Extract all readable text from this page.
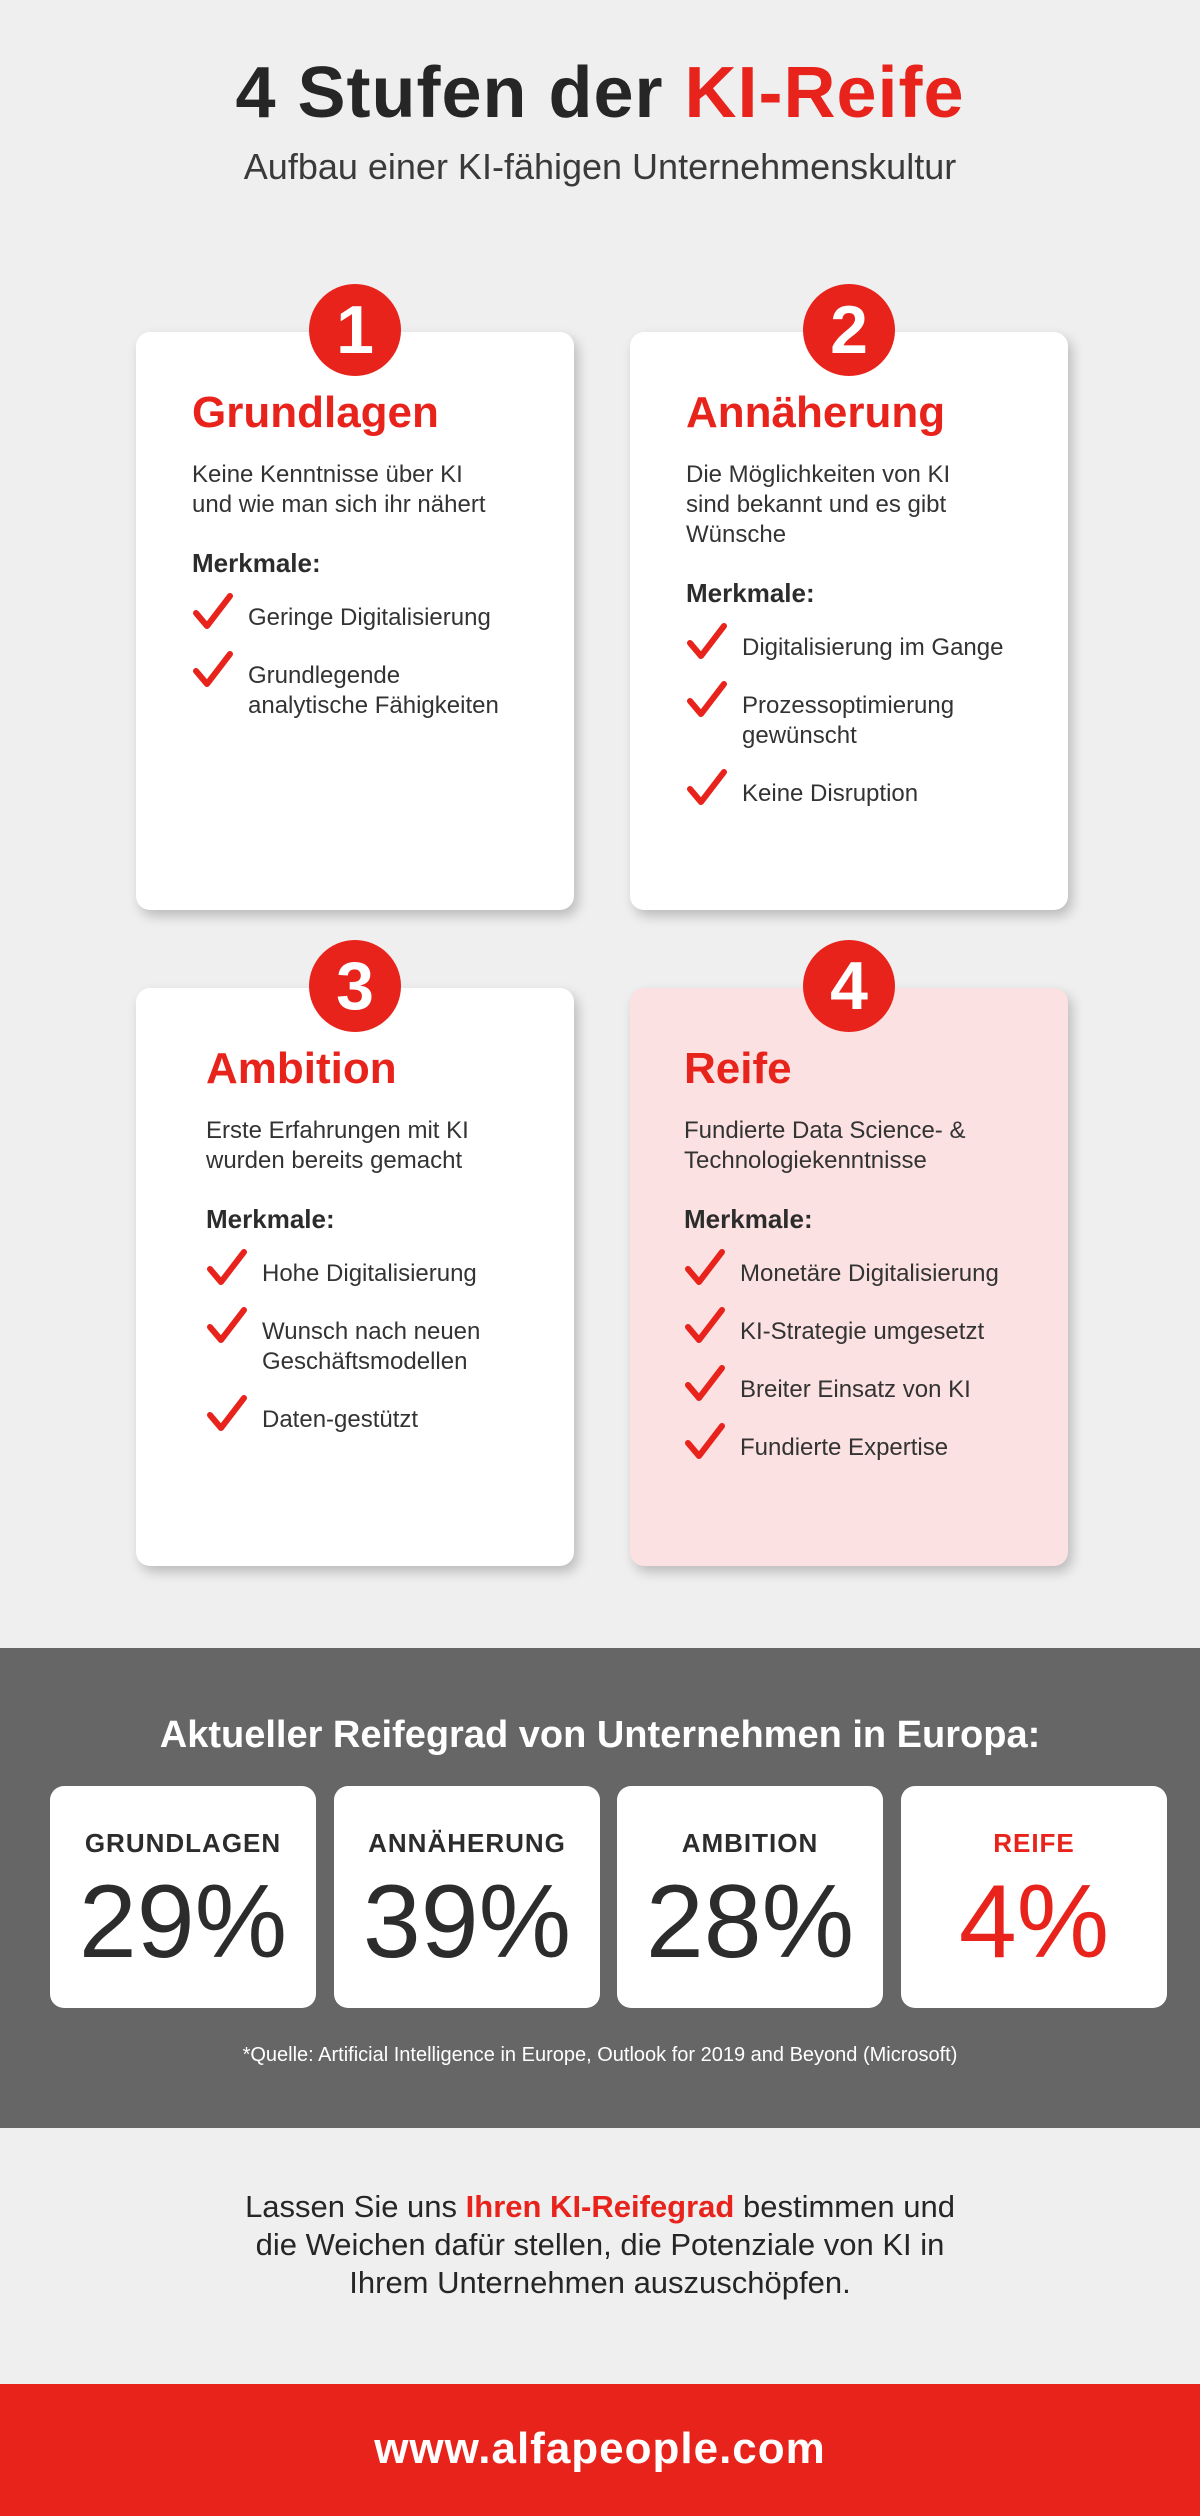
4 Stufen der KI-Reife
Aufbau einer KI-fähigen Unternehmenskultur
1
Grundlagen
Keine Kenntnisse über KI
und wie man sich ihr nähert
Merkmale:
Geringe Digitalisierung
Grundlegende
analytische Fähigkeiten
2
Annäherung
Die Möglichkeiten von KI
sind bekannt und es gibt
Wünsche
Merkmale:
Digitalisierung im Gange
Prozessoptimierung
gewünscht
Keine Disruption
3
Ambition
Erste Erfahrungen mit KI
wurden bereits gemacht
Merkmale:
Hohe Digitalisierung
Wunsch nach neuen
Geschäftsmodellen
Daten-gestützt
4
Reife
Fundierte Data Science- &
Technologiekenntnisse
Merkmale:
Monetäre Digitalisierung
KI-Strategie umgesetzt
Breiter Einsatz von KI
Fundierte Expertise
Aktueller Reifegrad von Unternehmen in Europa:
GRUNDLAGEN
29%
ANNÄHERUNG
39%
AMBITION
28%
REIFE
4%
*Quelle: Artificial Intelligence in Europe, Outlook for 2019 and Beyond (Microsoft)
Lassen Sie uns Ihren KI-Reifegrad bestimmen und
die Weichen dafür stellen, die Potenziale von KI in
Ihrem Unternehmen auszuschöpfen.
www.alfapeople.com
